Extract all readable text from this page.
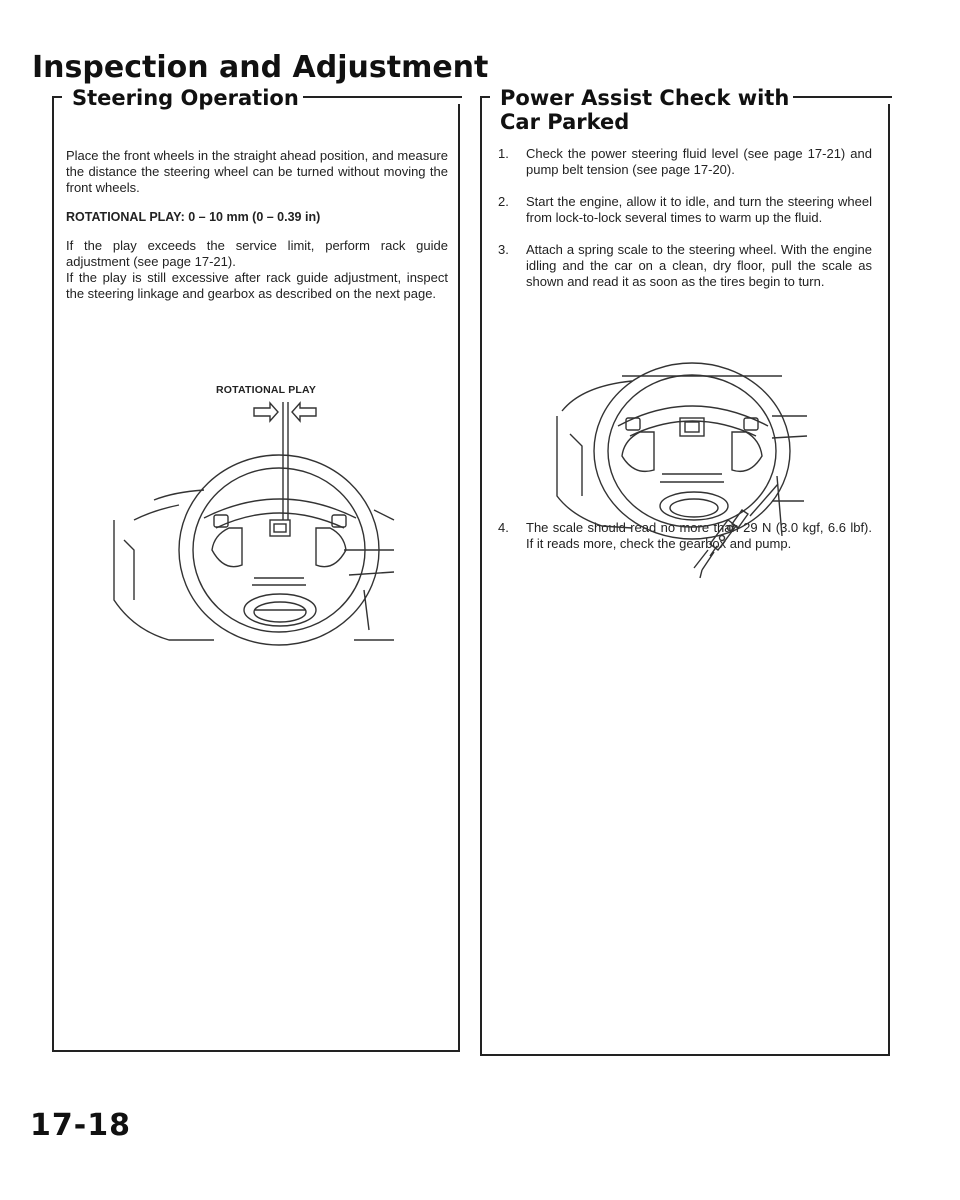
Inspection and Adjustment
Steering Operation

Place the front wheels in the straight ahead position, and measure the distance the steering wheel can be turned without moving the front wheels.

ROTATIONAL PLAY: 0 – 10 mm (0 – 0.39 in)

If the play exceeds the service limit, perform rack guide adjustment (see page 17-21).

If the play is still excessive after rack guide adjustment, inspect the steering linkage and gearbox as described on the next page.

ROTATIONAL PLAY
Power Assist Check with
Car Parked
1. Check the power steering fluid level (see page 17-21) and pump belt tension (see page 17-20).
2. Start the engine, allow it to idle, and turn the steering wheel from lock-to-lock several times to warm up the fluid.
3. Attach a spring scale to the steering wheel. With the engine idling and the car on a clean, dry floor, pull the scale as shown and read it as soon as the tires begin to turn.
4. The scale should read no more than 29 N (3.0 kgf, 6.6 lbf). If it reads more, check the gearbox and pump.
17-18
